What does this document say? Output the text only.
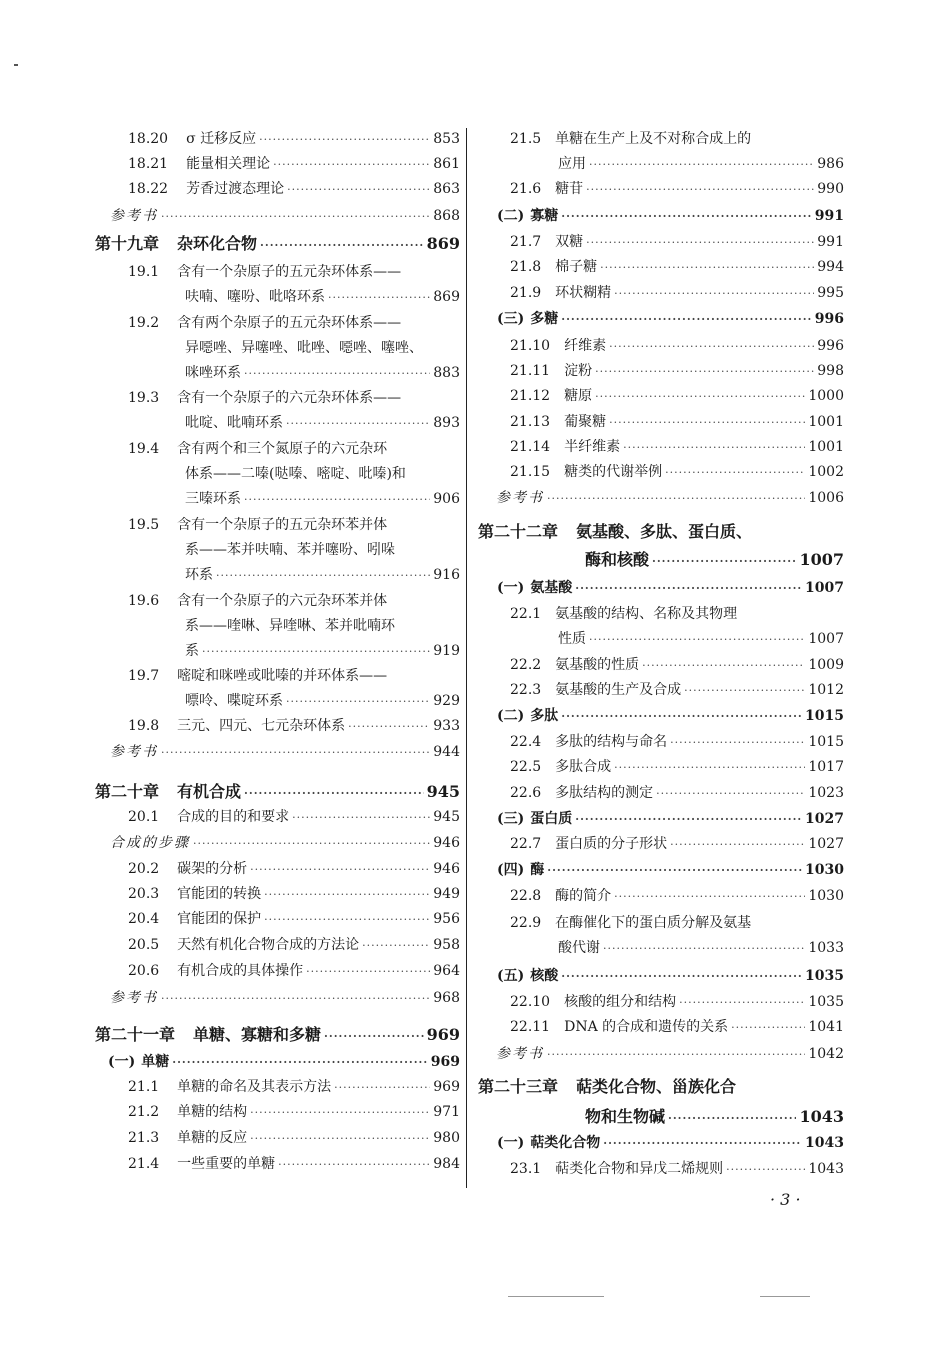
18.20 σ 迁移反应 ·····	853
18.21 能量相关理论 ·····	861
18.22 芳香过渡态理论 ·····	863
参考书 ·····	868
第十九章 杂环化合物 ·····	869
19.1 含有一个杂原子的五元杂环体系——
呋喃、噻吩、吡咯环系 ·····	869
19.2 含有两个杂原子的五元杂环体系——
异噁唑、异噻唑、吡唑、噁唑、噻唑、
咪唑环系 ·····	883
19.3 含有一个杂原子的六元杂环体系——
吡啶、吡喃环系 ·····	893
19.4 含有两个和三个氮原子的六元杂环
体系——二嗪(哒嗪、嘧啶、吡嗪)和
三嗪环系 ·····	906
19.5 含有一个杂原子的五元杂环苯并体
系——苯并呋喃、苯并噻吩、吲哚
环系 ·····	916
19.6 含有一个杂原子的六元杂环苯并体
系——喹啉、异喹啉、苯并吡喃环
系 ·····	919
19.7 嘧啶和咪唑或吡嗪的并环体系——
嘌呤、喋啶环系 ·····	929
19.8 三元、四元、七元杂环体系 ·····	933
参考书 ·····	944
第二十章 有机合成 ·····	945
20.1 合成的目的和要求 ·····	945
合成的步骤 ·····	946
20.2 碳架的分析 ·····	946
20.3 官能团的转换 ·····	949
20.4 官能团的保护 ·····	956
20.5 天然有机化合物合成的方法论 ·····	958
20.6 有机合成的具体操作 ·····	964
参考书 ·····	968
第二十一章 单糖、寡糖和多糖 ·····	969
(一) 单糖 ·····	969
21.1 单糖的命名及其表示方法 ·····	969
21.2 单糖的结构 ·····	971
21.3 单糖的反应 ·····	980
21.4 一些重要的单糖 ·····	984
21.5 单糖在生产上及不对称合成上的
应用 ·····	986
21.6 糖苷 ·····	990
(二) 寡糖 ·····	991
21.7 双糖 ·····	991
21.8 棉子糖 ·····	994
21.9 环状糊精 ·····	995
(三) 多糖 ·····	996
21.10 纤维素 ·····	996
21.11 淀粉 ·····	998
21.12 糖原 ·····	1000
21.13 葡聚糖 ·····	1001
21.14 半纤维素 ·····	1001
21.15 糖类的代谢举例 ·····	1002
参考书 ·····	1006
第二十二章 氨基酸、多肽、蛋白质、
酶和核酸 ·····	1007
(一) 氨基酸 ·····	1007
22.1 氨基酸的结构、名称及其物理
性质 ·····	1007
22.2 氨基酸的性质 ·····	1009
22.3 氨基酸的生产及合成 ·····	1012
(二) 多肽 ·····	1015
22.4 多肽的结构与命名 ·····	1015
22.5 多肽合成 ·····	1017
22.6 多肽结构的测定 ·····	1023
(三) 蛋白质 ·····	1027
22.7 蛋白质的分子形状 ·····	1027
(四) 酶 ·····	1030
22.8 酶的简介 ·····	1030
22.9 在酶催化下的蛋白质分解及氨基
酸代谢 ·····	1033
(五) 核酸 ·····	1035
22.10 核酸的组分和结构 ·····	1035
22.11 DNA 的合成和遗传的关系 ·····	1041
参考书 ·····	1042
第二十三章 萜类化合物、甾族化合
物和生物碱 ·····	1043
(一) 萜类化合物 ·····	1043
23.1 萜类化合物和异戊二烯规则 ·····	1043
· 3 ·
